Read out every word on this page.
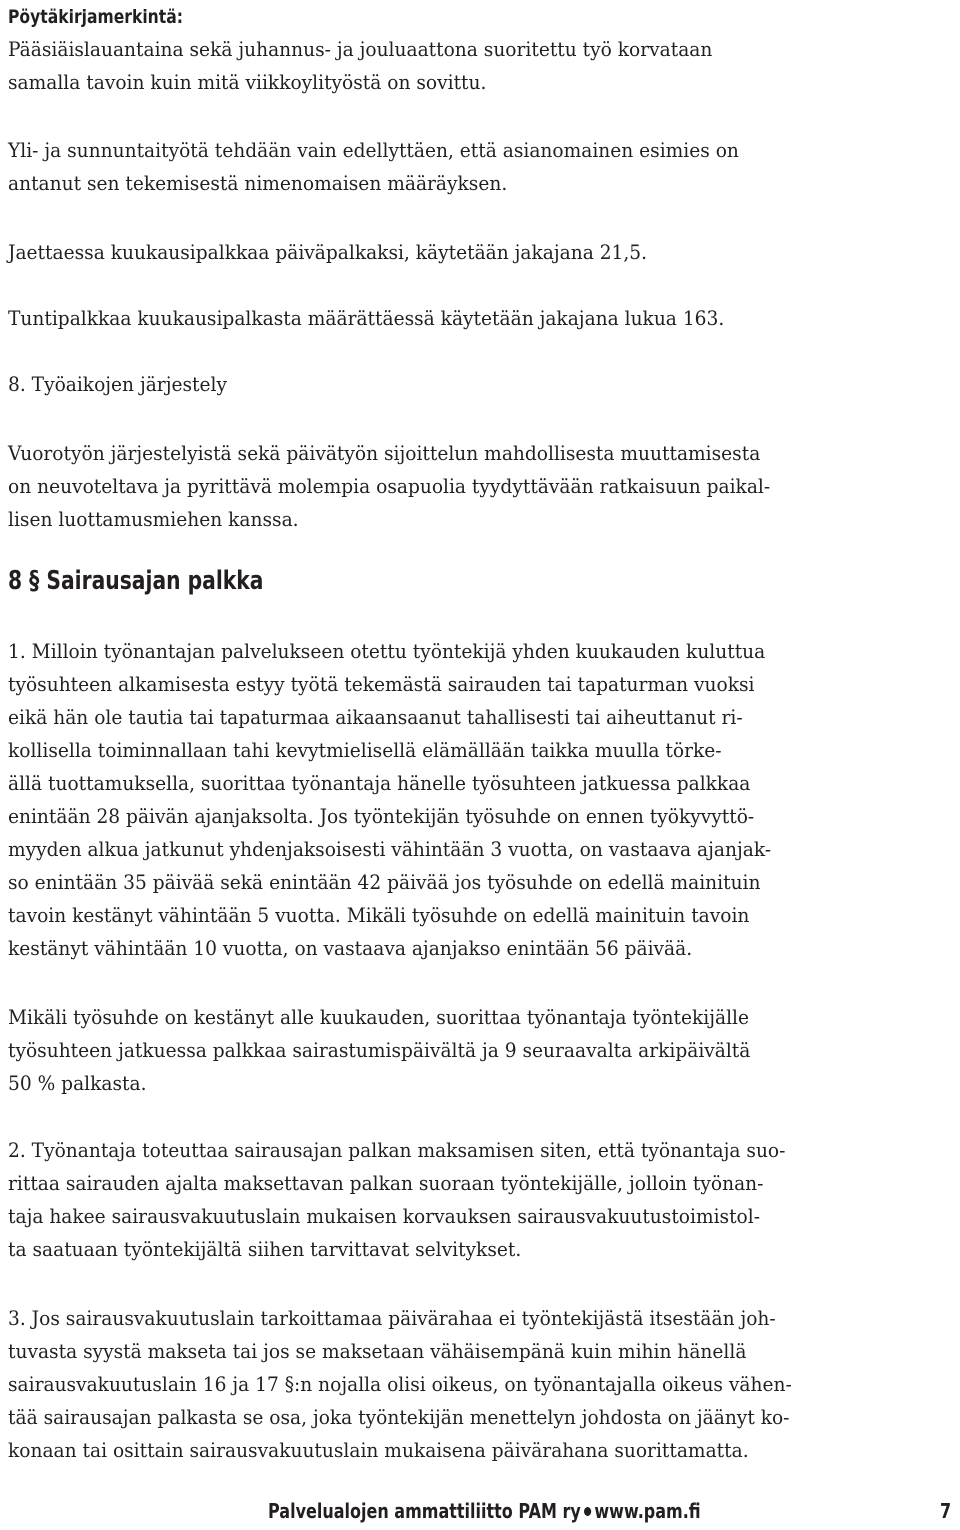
Pöytäkirjamerkintä:
Pääsiäislauantaina sekä juhannus- ja jouluaattona suoritettu työ korvataan
samalla tavoin kuin mitä viikkoylityöstä on sovittu.
Yli- ja sunnuntaityötä tehdään vain edellyttäen, että asianomainen esimies on
antanut sen tekemisestä nimenomaisen määräyksen.
Jaettaessa kuukausipalkkaa päiväpalkaksi, käytetään jakajana 21,5.
Tuntipalkkaa kuukausipalkasta määrättäessä käytetään jakajana lukua 163.
8. Työaikojen järjestely
Vuorotyön järjestelyistä sekä päivätyön sijoittelun mahdollisesta muuttamisesta
on neuvoteltava ja pyrittävä molempia osapuolia tyydyttävään ratkaisuun paikal-
lisen luottamusmiehen kanssa.
8 § Sairausajan palkka
1. Milloin työnantajan palvelukseen otettu työntekijä yhden kuukauden kuluttua
työsuhteen alkamisesta estyy työtä tekemästä sairauden tai tapaturman vuoksi
eikä hän ole tautia tai tapaturmaa aikaansaanut tahallisesti tai aiheuttanut ri-
kollisella toiminnallaan tahi kevytmielisellä elämällään taikka muulla törke-
ällä tuottamuksella, suorittaa työnantaja hänelle työsuhteen jatkuessa palkkaa
enintään 28 päivän ajanjaksolta. Jos työntekijän työsuhde on ennen työkyvyttö-
myyden alkua jatkunut yhdenjaksoisesti vähintään 3 vuotta, on vastaava ajanjak-
so enintään 35 päivää sekä enintään 42 päivää jos työsuhde on edellä mainituin
tavoin kestänyt vähintään 5 vuotta. Mikäli työsuhde on edellä mainituin tavoin
kestänyt vähintään 10 vuotta, on vastaava ajanjakso enintään 56 päivää.
Mikäli työsuhde on kestänyt alle kuukauden, suorittaa työnantaja työntekijälle
työsuhteen jatkuessa palkkaa sairastumispäivältä ja 9 seuraavalta arkipäivältä
50 % palkasta.
2. Työnantaja toteuttaa sairausajan palkan maksamisen siten, että työnantaja suo-
rittaa sairauden ajalta maksettavan palkan suoraan työntekijälle, jolloin työnan-
taja hakee sairausvakuutuslain mukaisen korvauksen sairausvakuutustoimistol-
ta saatuaan työntekijältä siihen tarvittavat selvitykset.
3. Jos sairausvakuutuslain tarkoittamaa päivärahaa ei työntekijästä itsestään joh-
tuvasta syystä makseta tai jos se maksetaan vähäisempänä kuin mihin hänellä
sairausvakuutuslain 16 ja 17 §:n nojalla olisi oikeus, on työnantajalla oikeus vähen-
tää sairausajan palkasta se osa, joka työntekijän menettelyn johdosta on jäänyt ko-
konaan tai osittain sairausvakuutuslain mukaisena päivärahana suorittamatta.
Palvelualojen ammattiliitto PAM ry www.pam.fi	7
